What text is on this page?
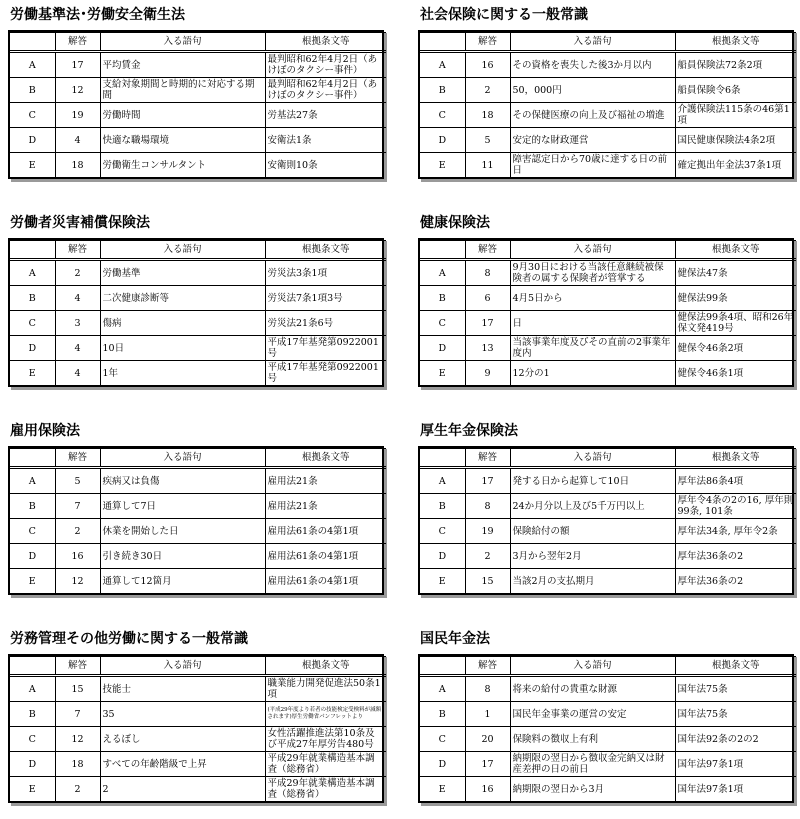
労働基準法･労働安全衛生法
	解答	入る語句	根拠条文等
A	17	平均賃金	最判昭和62年4月2日（あけぼのタクシー事件）
B	12	支給対象期間と時期的に対応する期間	最判昭和62年4月2日（あけぼのタクシー事件）
C	19	労働時間	労基法27条
D	4	快適な職場環境	安衛法1条
E	18	労働衛生コンサルタント	安衛則10条
社会保険に関する一般常識
	解答	入る語句	根拠条文等
A	16	その資格を喪失した後3か月以内	船員保険法72条2項
B	2	50，000円	船員保険令6条
C	18	その保健医療の向上及び福祉の増進	介護保険法115条の46第1項
D	5	安定的な財政運営	国民健康保険法4条2項
E	11	障害認定日から70歳に達する日の前日	確定拠出年金法37条1項
労働者災害補償保険法
	解答	入る語句	根拠条文等
A	2	労働基準	労災法3条1項
B	4	二次健康診断等	労災法7条1項3号
C	3	傷病	労災法21条6号
D	4	10日	平成17年基発第0922001号
E	4	1年	平成17年基発第0922001号
健康保険法
	解答	入る語句	根拠条文等
A	8	9月30日における当該任意継続被保険者の属する保険者が管掌する	健保法47条
B	6	4月5日から	健保法99条
C	17	日	健保法99条4項、昭和26年保文発419号
D	13	当該事業年度及びその直前の2事業年度内	健保令46条2項
E	9	12分の1	健保令46条1項
雇用保険法
	解答	入る語句	根拠条文等
A	5	疾病又は負傷	雇用法21条
B	7	通算して7日	雇用法21条
C	2	休業を開始した日	雇用法61条の4第1項
D	16	引き続き30日	雇用法61条の4第1項
E	12	通算して12箇月	雇用法61条の4第1項
厚生年金保険法
	解答	入る語句	根拠条文等
A	17	発する日から起算して10日	厚年法86条4項
B	8	24か月分以上及び5千万円以上	厚年令4条の2の16, 厚年則99条, 101条
C	19	保険給付の額	厚年法34条, 厚年令2条
D	2	3月から翌年2月	厚年法36条の2
E	15	当該2月の支払期月	厚年法36条の2
労務管理その他労働に関する一般常識
	解答	入る語句	根拠条文等
A	15	技能士	職業能力開発促進法50条1項
B	7	35	(平成29年度より若者の技能検定受検料が減額されます)厚生労働省パンフレットより
C	12	えるぼし	女性活躍推進法第10条及び平成27年厚労告480号
D	18	すべての年齢階級で上昇	平成29年就業構造基本調査（総務省）
E	2	2	平成29年就業構造基本調査（総務省）
国民年金法
	解答	入る語句	根拠条文等
A	8	将来の給付の貴重な財源	国年法75条
B	1	国民年金事業の運営の安定	国年法75条
C	20	保険料の徴収上有利	国年法92条の2の2
D	17	納期限の翌日から徴収金完納又は財産差押の日の前日	国年法97条1項
E	16	納期限の翌日から3月	国年法97条1項
